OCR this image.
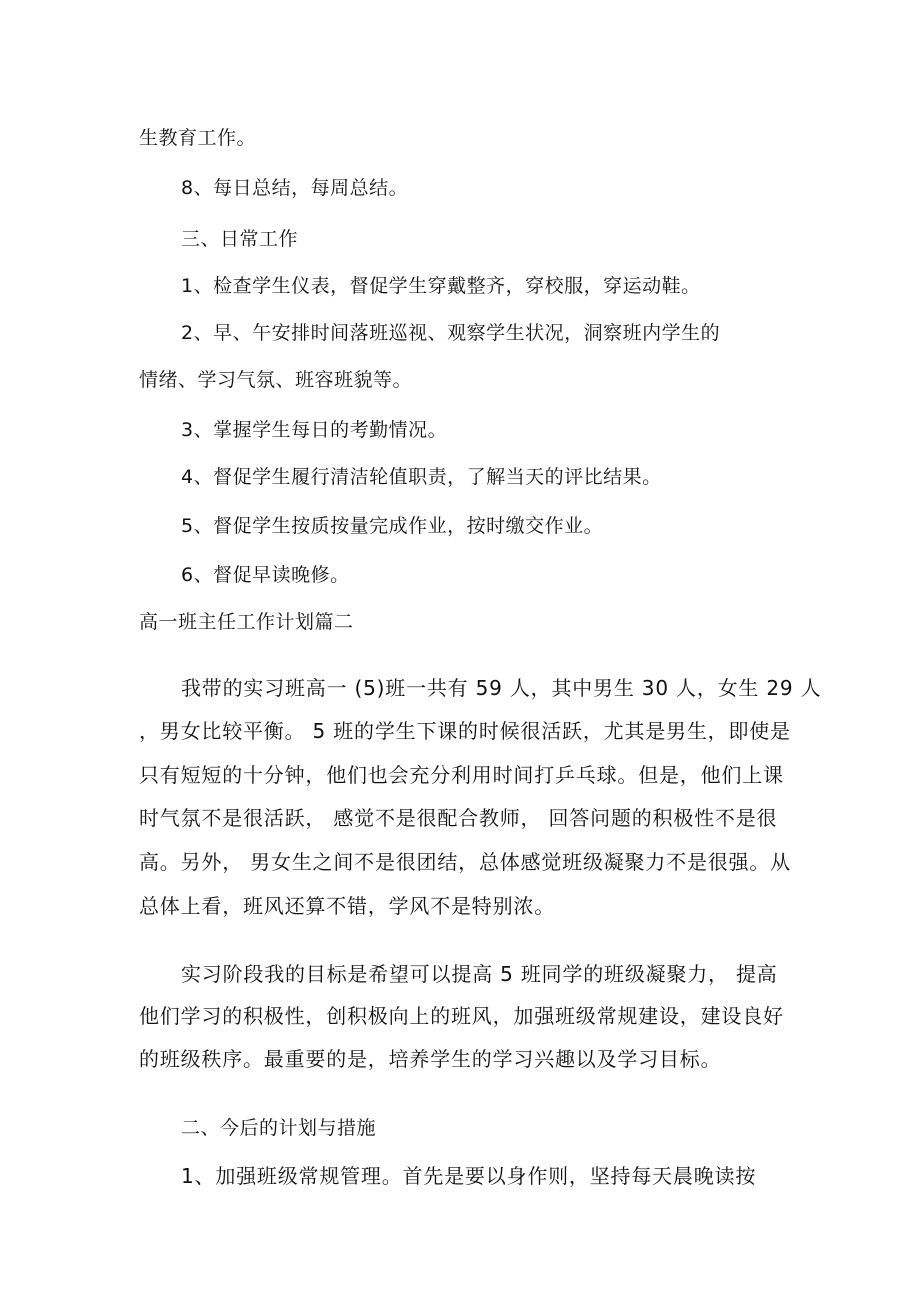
生教育工作。

8、每日总结，每周总结。

三、日常工作

1、检查学生仪表，督促学生穿戴整齐，穿校服，穿运动鞋。

2、早、午安排时间落班巡视、观察学生状况，洞察班内学生的

情绪、学习气氛、班容班貌等。

3、掌握学生每日的考勤情况。

4、督促学生履行清洁轮值职责，了解当天的评比结果。

5、督促学生按质按量完成作业，按时缴交作业。

6、督促早读晚修。

高一班主任工作计划篇二

我带的实习班高一 (5)班一共有 59 人，其中男生 30 人，女生 29 人

，男女比较平衡。 5 班的学生下课的时候很活跃，尤其是男生，即使是

只有短短的十分钟，他们也会充分利用时间打乒乓球。但是，他们上课

时气氛不是很活跃， 感觉不是很配合教师， 回答问题的积极性不是很

高。另外， 男女生之间不是很团结，总体感觉班级凝聚力不是很强。从

总体上看，班风还算不错，学风不是特别浓。

实习阶段我的目标是希望可以提高 5 班同学的班级凝聚力， 提高

他们学习的积极性，创积极向上的班风，加强班级常规建设，建设良好

的班级秩序。最重要的是，培养学生的学习兴趣以及学习目标。

二、今后的计划与措施

1、加强班级常规管理。首先是要以身作则，坚持每天晨晚读按
